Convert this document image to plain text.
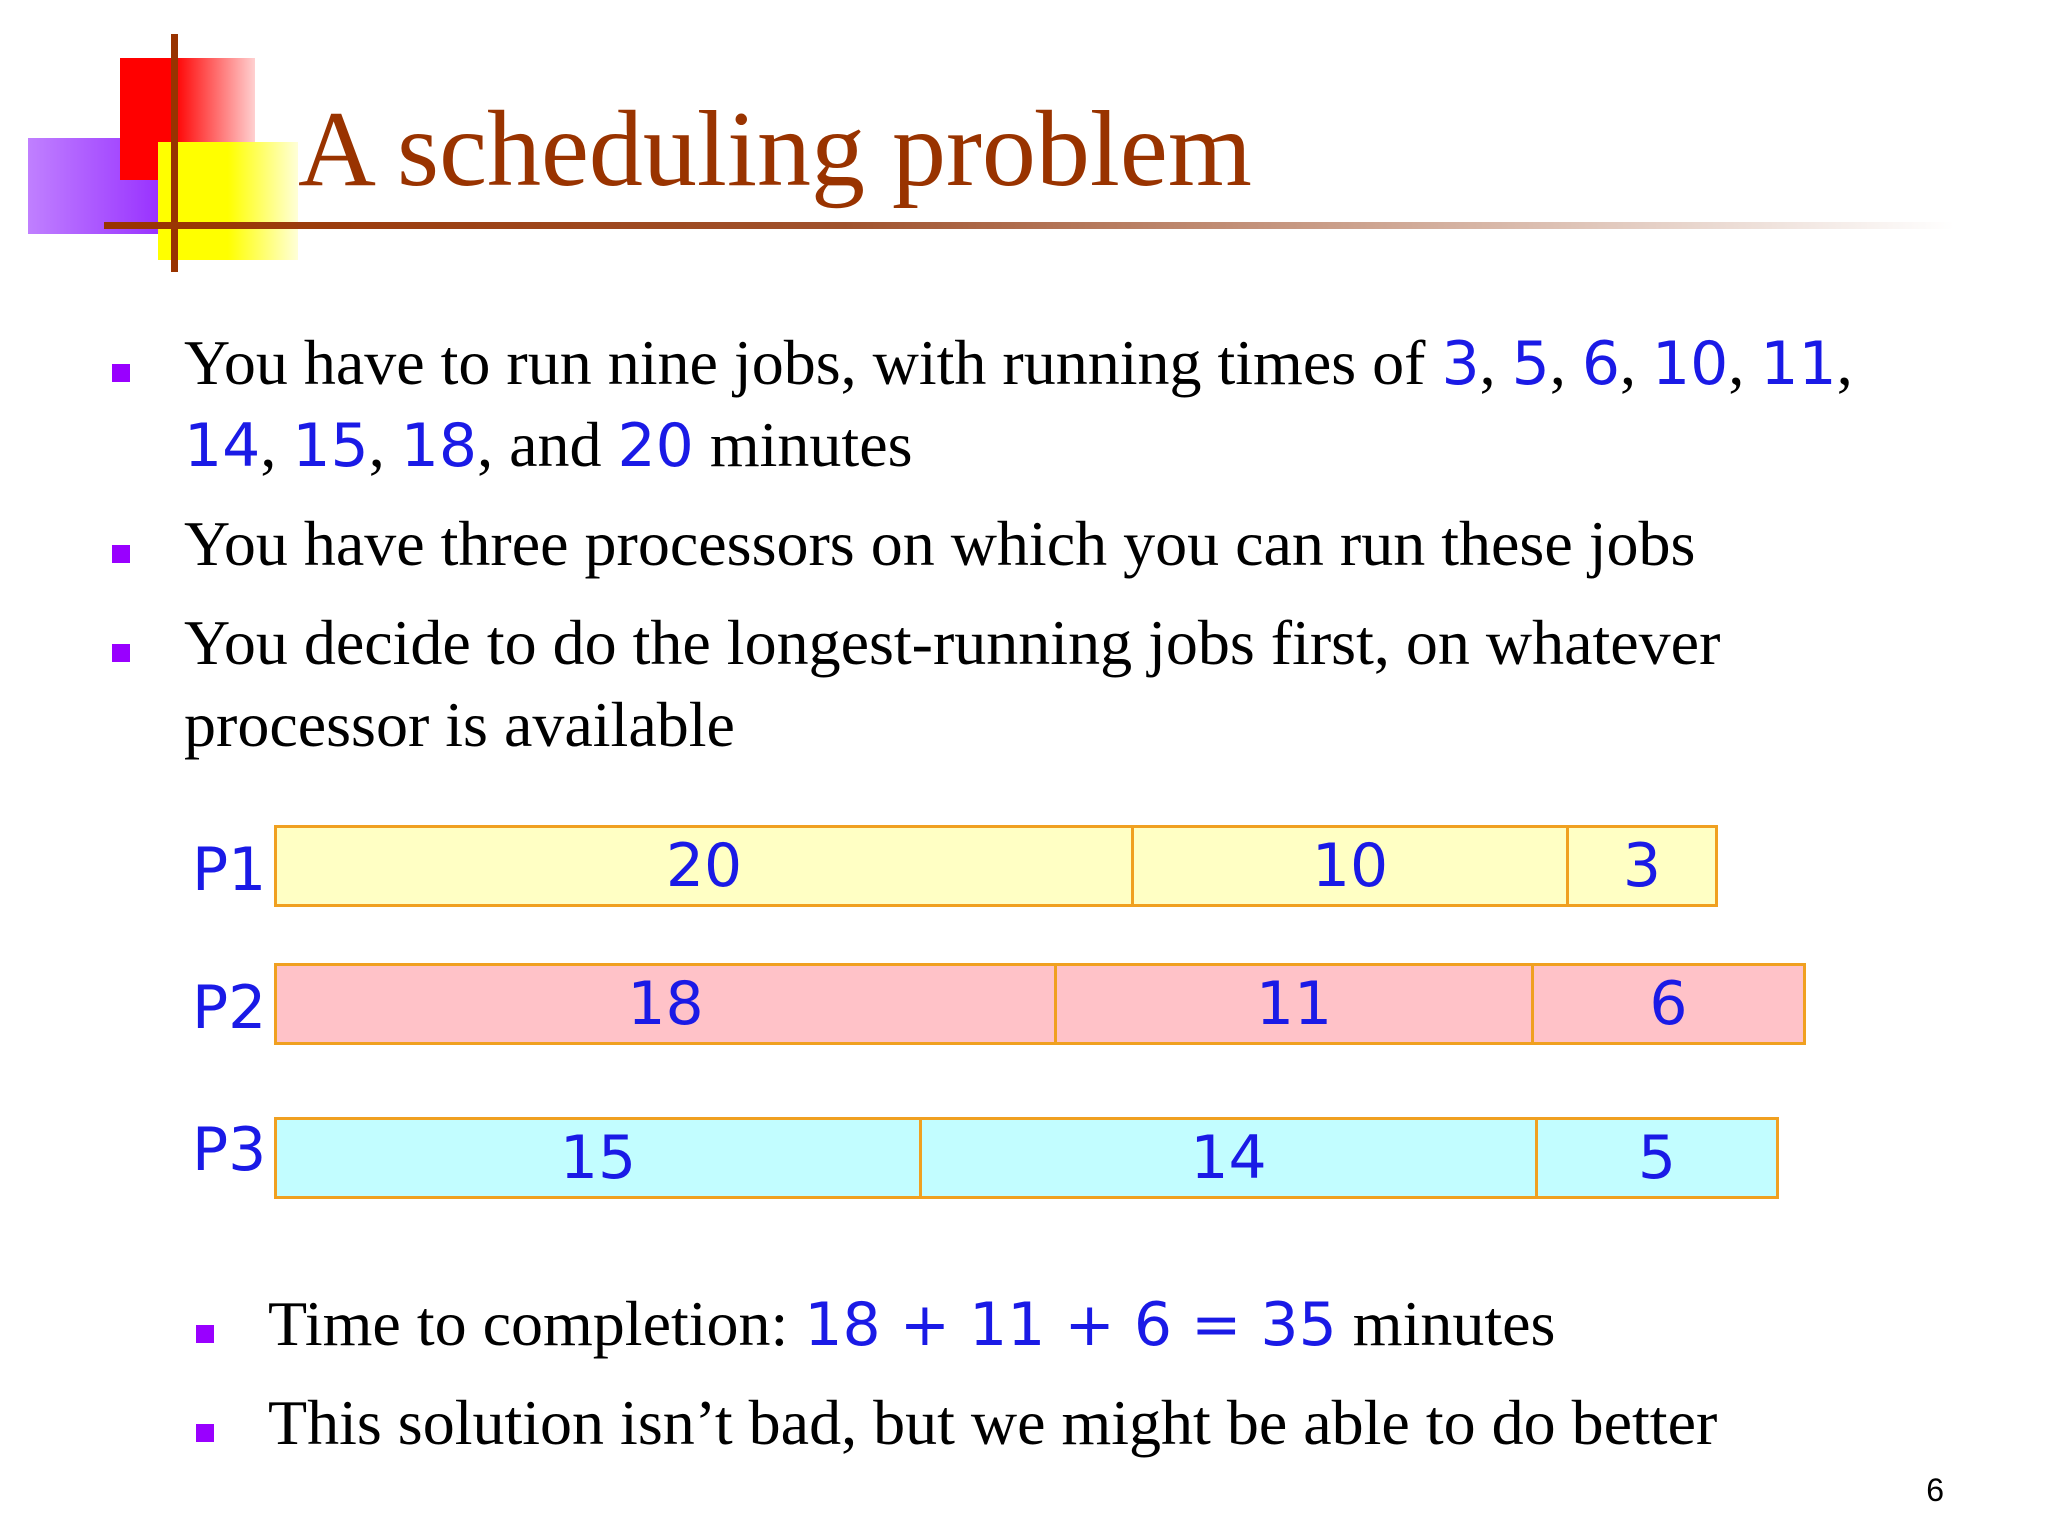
A scheduling problem
You have to run nine jobs, with running times of 3, 5, 6, 10, 11,
14, 15, 18, and 20 minutes
You have three processors on which you can run these jobs
You decide to do the longest-running jobs first, on whatever
processor is available
P1	20	10	3
P2	18	11	6
P3	15	14	5
Time to completion: 18 + 11 + 6 = 35 minutes
This solution isn’t bad, but we might be able to do better
6
